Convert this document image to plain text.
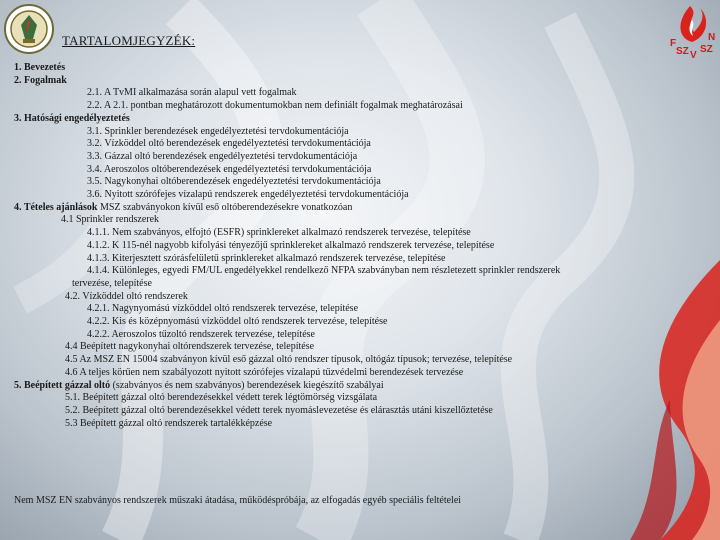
F
SZ V
SZ
N
TARTALOMJEGYZÉK:
1. Bevezetés
2. Fogalmak
2.1. A TvMI alkalmazása során alapul vett fogalmak
2.2. A 2.1. pontban meghatározott dokumentumokban nem definiált fogalmak meghatározásai
3. Hatósági engedélyeztetés
3.1. Sprinkler berendezések engedélyeztetési tervdokumentációja
3.2. Vízköddel oltó berendezések engedélyeztetési tervdokumentációja
3.3. Gázzal oltó berendezések engedélyeztetési tervdokumentációja
3.4. Aeroszolos oltóberendezések engedélyeztetési tervdokumentációja
3.5. Nagykonyhai oltóberendezések engedélyeztetési tervdokumentációja
3.6. Nyitott szórófejes vízalapú rendszerek engedélyeztetési tervdokumentációja
4. Tételes ajánlások MSZ szabványokon kívül eső oltóberendezésekre vonatkozóan
4.1 Sprinkler rendszerek
4.1.1. Nem szabványos, elfojtó (ESFR) sprinklereket alkalmazó rendszerek tervezése, telepítése
4.1.2. K 115-nél nagyobb kifolyási tényezőjű sprinklereket alkalmazó rendszerek tervezése, telepítése
4.1.3. Kiterjesztett szórásfelületű sprinklereket alkalmazó rendszerek tervezése, telepítése
4.1.4. Különleges, egyedi FM/UL engedélyekkel rendelkező NFPA szabványban nem részletezett sprinkler rendszerek
tervezése, telepítése
4.2. Vízköddel oltó rendszerek
4.2.1. Nagynyomású vízköddel oltó rendszerek tervezése, telepítése
4.2.2. Kis és középnyomású vízköddel oltó rendszerek tervezése, telepítése
4.2.2. Aeroszolos tűzoltó rendszerek tervezése, telepítése
4.4 Beépített nagykonyhai oltórendszerek tervezése, telepítése
4.5 Az MSZ EN 15004 szabványon kívül eső gázzal oltó rendszer típusok, oltógáz típusok; tervezése, telepítése
4.6 A teljes körűen nem szabályozott nyitott szórófejes vízalapú tűzvédelmi berendezések tervezése
5. Beépített gázzal oltó (szabványos és nem szabványos) berendezések kiegészítő szabályai
5.1. Beépített gázzal oltó berendezésekkel védett terek légtömörség vizsgálata
5.2. Beépített gázzal oltó berendezésekkel védett terek nyomáslevezetése és elárasztás utáni kiszellőztetése
5.3 Beépített gázzal oltó rendszerek tartalékképzése
Nem MSZ EN szabványos rendszerek műszaki átadása, működéspróbája, az elfogadás egyéb speciális feltételei
